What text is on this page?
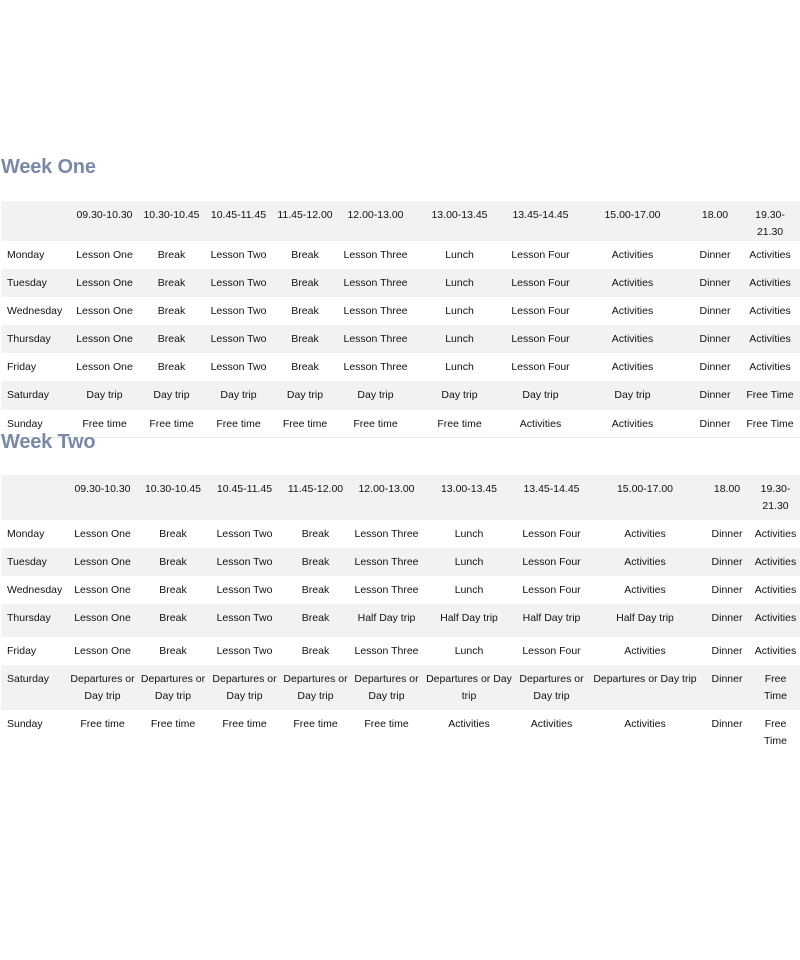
Week One
	09.30-10.30	10.30-10.45	10.45-11.45	11.45-12.00	12.00-13.00	13.00-13.45	13.45-14.45	15.00-17.00	18.00	19.30-21.30
Monday	Lesson One	Break	Lesson Two	Break	Lesson Three	Lunch	Lesson Four	Activities	Dinner	Activities
Tuesday	Lesson One	Break	Lesson Two	Break	Lesson Three	Lunch	Lesson Four	Activities	Dinner	Activities
Wednesday	Lesson One	Break	Lesson Two	Break	Lesson Three	Lunch	Lesson Four	Activities	Dinner	Activities
Thursday	Lesson One	Break	Lesson Two	Break	Lesson Three	Lunch	Lesson Four	Activities	Dinner	Activities
Friday	Lesson One	Break	Lesson Two	Break	Lesson Three	Lunch	Lesson Four	Activities	Dinner	Activities
Saturday	Day trip	Day trip	Day trip	Day trip	Day trip	Day trip	Day trip	Day trip	Dinner	Free Time
Sunday	Free time	Free time	Free time	Free time	Free time	Free time	Activities	Activities	Dinner	Free Time
Week Two
	09.30-10.30	10.30-10.45	10.45-11.45	11.45-12.00	12.00-13.00	13.00-13.45	13.45-14.45	15.00-17.00	18.00	19.30-21.30
Monday	Lesson One	Break	Lesson Two	Break	Lesson Three	Lunch	Lesson Four	Activities	Dinner	Activities
Tuesday	Lesson One	Break	Lesson Two	Break	Lesson Three	Lunch	Lesson Four	Activities	Dinner	Activities
Wednesday	Lesson One	Break	Lesson Two	Break	Lesson Three	Lunch	Lesson Four	Activities	Dinner	Activities
Thursday	Lesson One	Break	Lesson Two	Break	Half Day trip	Half Day trip	Half Day trip	Half Day trip	Dinner	Activities
Friday	Lesson One	Break	Lesson Two	Break	Lesson Three	Lunch	Lesson Four	Activities	Dinner	Activities
Saturday	Departures or Day trip	Departures or Day trip	Departures or Day trip	Departures or Day trip	Departures or Day trip	Departures or Day trip	Departures or Day trip	Departures or Day trip	Dinner	Free Time
Sunday	Free time	Free time	Free time	Free time	Free time	Activities	Activities	Activities	Dinner	Free Time
